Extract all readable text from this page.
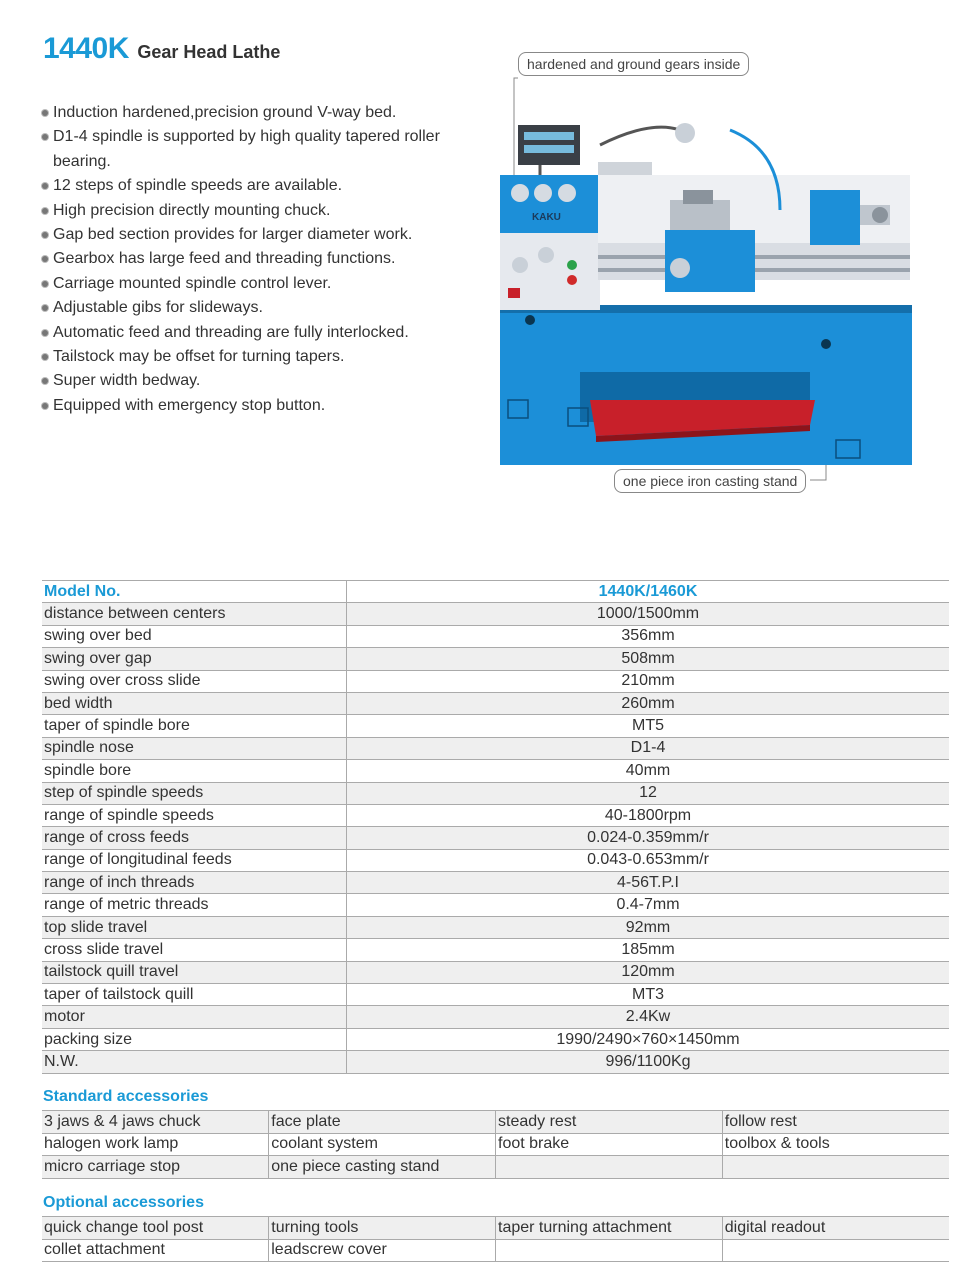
1440K Gear Head Lathe
Induction hardened,precision ground V-way bed.
D1-4 spindle is supported by high quality tapered roller bearing.
12 steps of spindle speeds are available.
High precision directly mounting chuck.
Gap bed section provides for larger diameter work.
Gearbox has large feed and threading functions.
Carriage mounted spindle control lever.
Adjustable gibs for slideways.
Automatic feed and threading are fully interlocked.
Tailstock may be offset for turning tapers.
Super width bedway.
Equipped with emergency stop button.
KAKU
hardened and ground gears inside
one piece iron casting stand
Model No.	1440K/1460K
distance between centers	1000/1500mm
swing over bed	356mm
swing over gap	508mm
swing over cross slide	210mm
bed width	260mm
taper of spindle bore	MT5
spindle nose	D1-4
spindle bore	40mm
step of spindle speeds	12
range of spindle speeds	40-1800rpm
range of cross feeds	0.024-0.359mm/r
range of longitudinal feeds	0.043-0.653mm/r
range of inch threads	4-56T.P.I
range of metric threads	0.4-7mm
top slide travel	92mm
cross slide travel	185mm
tailstock quill travel	120mm
taper of tailstock quill	MT3
motor	2.4Kw
packing size	1990/2490×760×1450mm
N.W.	996/1100Kg
Standard accessories
3 jaws & 4 jaws chuck	face plate	steady rest	follow rest
halogen work lamp	coolant system	foot brake	toolbox & tools
micro carriage stop	one piece casting stand		
Optional accessories
quick change tool post	turning tools	taper turning attachment	digital readout
collet attachment	leadscrew cover		
